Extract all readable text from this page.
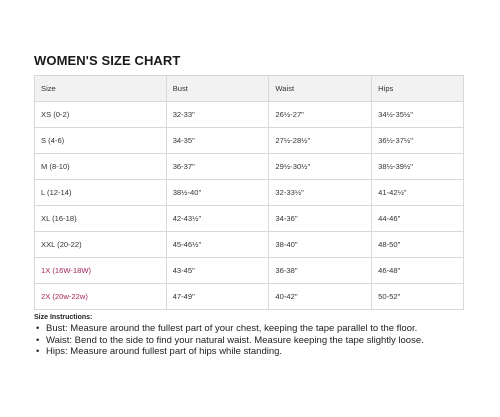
WOMEN'S SIZE CHART
Size	Bust	Waist	Hips
XS (0-2)	32-33"	26½-27"	34½-35½"
S (4-6)	34-35"	27½-28½"	36½-37½"
M (8-10)	36-37"	29½-30½"	38½-39½"
L (12-14)	38½-40"	32-33½"	41-42½"
XL (16-18)	42-43½"	34-36"	44-46"
XXL (20-22)	45-46½"	38-40"	48-50"
1X (16W-18W)	43-45"	36-38"	46-48"
2X (20w-22w)	47-49"	40-42"	50-52"
Size Instructions:
• Bust: Measure around the fullest part of your chest, keeping the tape parallel to the floor.
• Waist: Bend to the side to find your natural waist. Measure keeping the tape slightly loose.
• Hips: Measure around fullest part of hips while standing.
